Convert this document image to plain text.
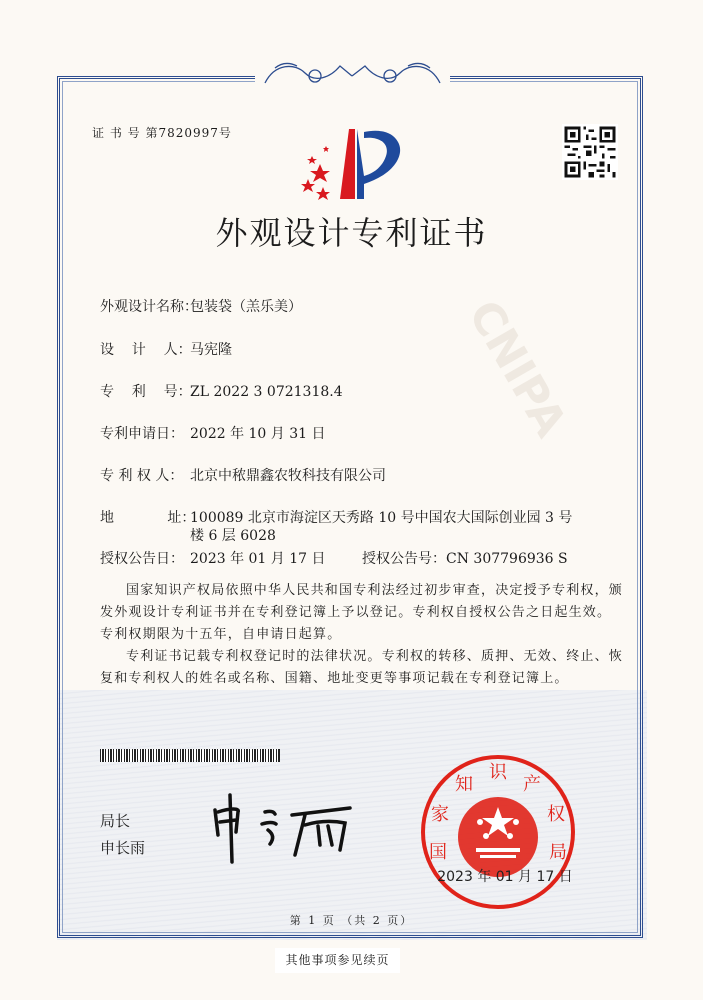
CNIPA
证 书 号 第7820997号
外观设计专利证书
外观设计名称：
包装袋（羔乐美）
设    计    人：
马宪隆
专    利    号：
ZL 2022 3 0721318.4
专利申请日： 2022 年 10 月 31 日
专 利 权 人： 北京中秾鼎鑫农牧科技有限公司
地            址：
100089 北京市海淀区天秀路 10 号中国农大国际创业园 3 号
楼 6 层 6028
授权公告日： 2023 年 01 月 17 日	授权公告号： CN 307796936 S

国家知识产权局依照中华人民共和国专利法经过初步审查，决定授予专利权，颁发外观设计专利证书并在专利登记簿上予以登记。专利权自授权公告之日起生效。专利权期限为十五年，自申请日起算。

专利证书记载专利权登记时的法律状况。专利权的转移、质押、无效、终止、恢复和专利权人的姓名或名称、国籍、地址变更等事项记载在专利登记簿上。

局长
申长雨	国
家
知
识
产
权
局
2023 年 01 月 17 日
第 1 页 （共 2 页）
其他事项参见续页
